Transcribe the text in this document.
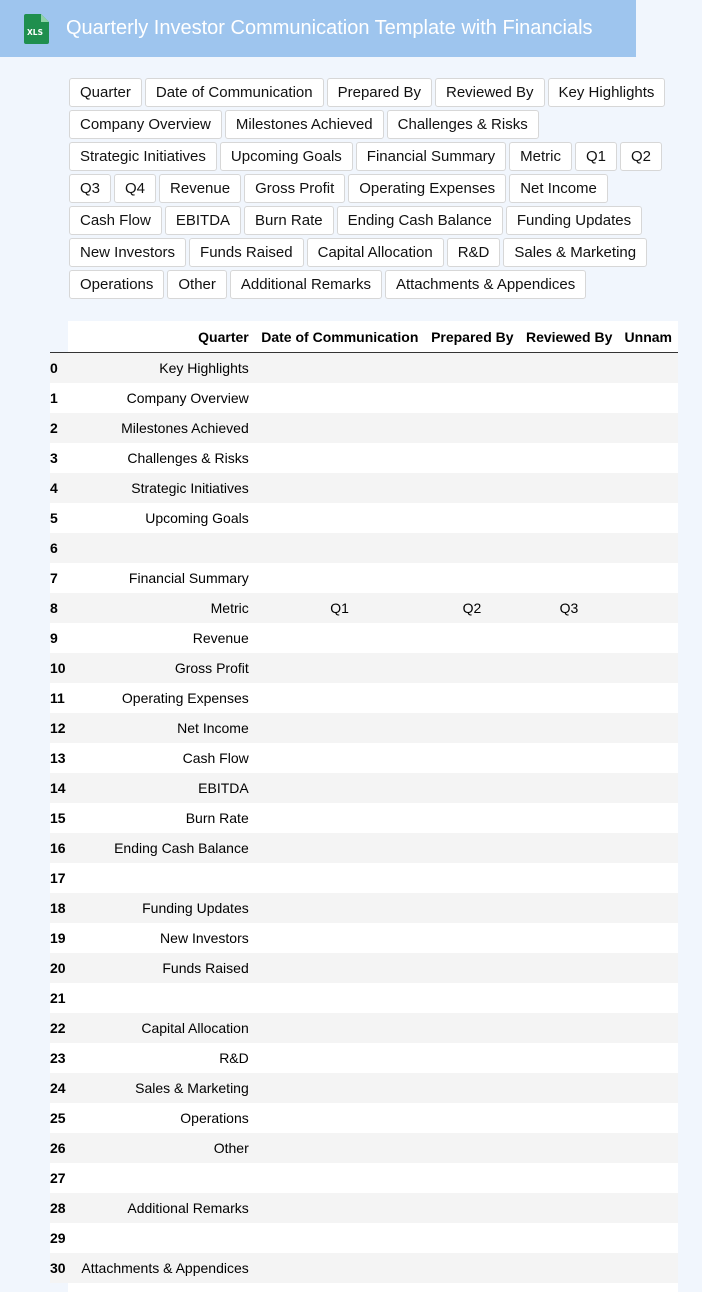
XLS Quarterly Investor Communication Template with Financials
Quarter	Date of Communication	Prepared By	Reviewed By	Key Highlights
Company Overview	Milestones Achieved	Challenges & Risks
Strategic Initiatives	Upcoming Goals	Financial Summary	Metric	Q1	Q2
Q3	Q4	Revenue	Gross Profit	Operating Expenses	Net Income
Cash Flow	EBITDA	Burn Rate	Ending Cash Balance	Funding Updates
New Investors	Funds Raised	Capital Allocation	R&D	Sales & Marketing
Operations	Other	Additional Remarks	Attachments & Appendices
	Quarter	Date of Communication	Prepared By	Reviewed By	Unnam
0	Key Highlights				
1	Company Overview				
2	Milestones Achieved				
3	Challenges & Risks				
4	Strategic Initiatives				
5	Upcoming Goals				
6					
7	Financial Summary				
8	Metric	Q1	Q2	Q3	
9	Revenue				
10	Gross Profit				
11	Operating Expenses				
12	Net Income				
13	Cash Flow				
14	EBITDA				
15	Burn Rate				
16	Ending Cash Balance				
17					
18	Funding Updates				
19	New Investors				
20	Funds Raised				
21					
22	Capital Allocation				
23	R&D				
24	Sales & Marketing				
25	Operations				
26	Other				
27					
28	Additional Remarks				
29					
30	Attachments & Appendices				
